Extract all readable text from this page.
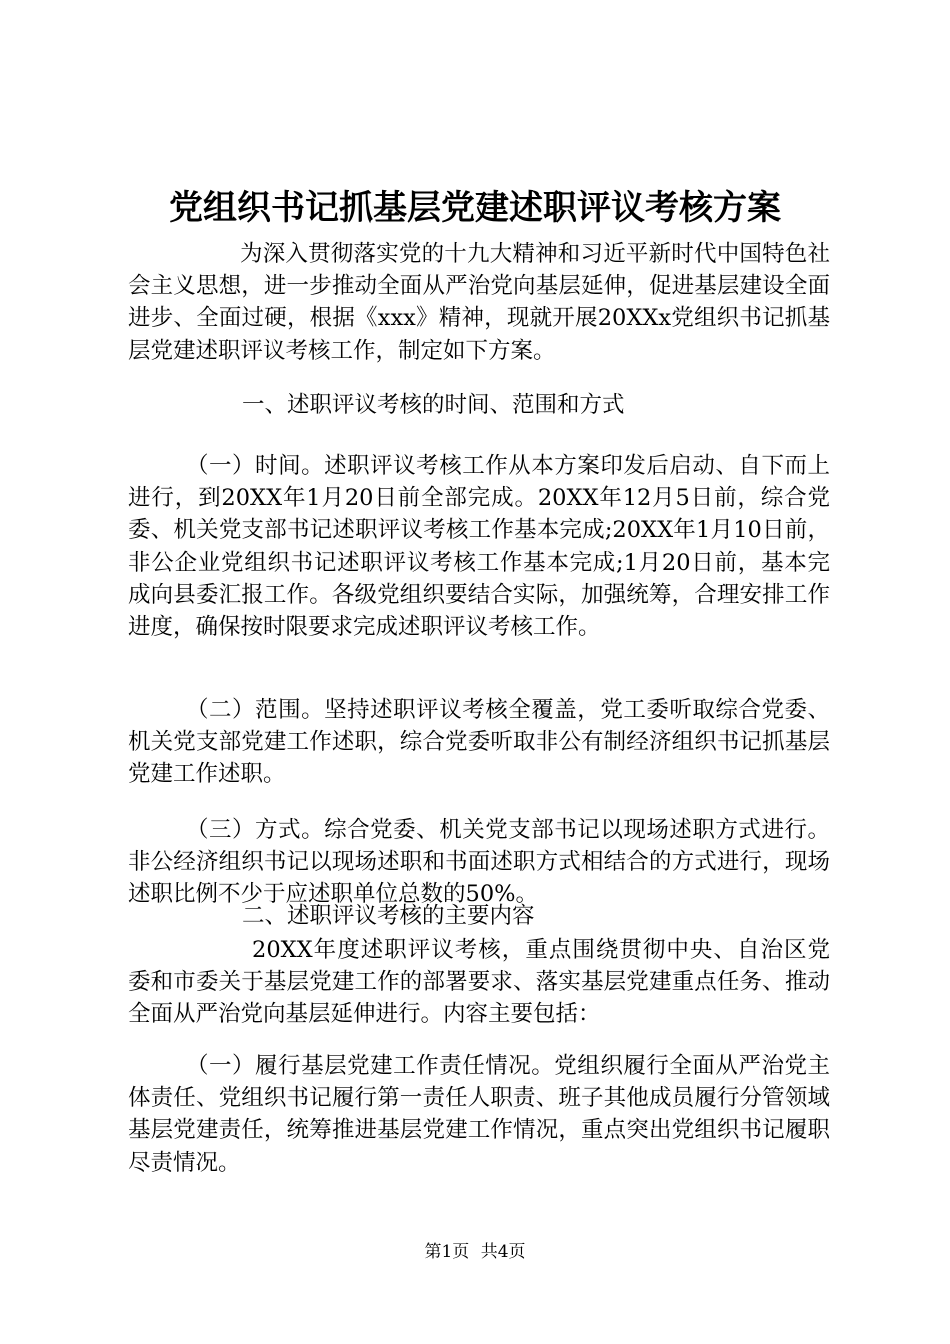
党组织书记抓基层党建述职评议考核方案
为深入贯彻落实党的十九大精神和习近平新时代中国特色社会主义思想，进一步推动全面从严治党向基层延伸，促进基层建设全面进步、全面过硬，根据《xxx》精神，现就开展20XXx党组织书记抓基层党建述职评议考核工作，制定如下方案。
一、述职评议考核的时间、范围和方式
（一）时间。述职评议考核工作从本方案印发后启动、自下而上进行，到20XX年1月20日前全部完成。20XX年12月5日前，综合党委、机关党支部书记述职评议考核工作基本完成;20XX年1月10日前，非公企业党组织书记述职评议考核工作基本完成;1月20日前，基本完成向县委汇报工作。各级党组织要结合实际，加强统筹，合理安排工作进度，确保按时限要求完成述职评议考核工作。
（二）范围。坚持述职评议考核全覆盖，党工委听取综合党委、机关党支部党建工作述职，综合党委听取非公有制经济组织书记抓基层党建工作述职。
（三）方式。综合党委、机关党支部书记以现场述职方式进行。非公经济组织书记以现场述职和书面述职方式相结合的方式进行，现场述职比例不少于应述职单位总数的50%。
二、述职评议考核的主要内容
20XX年度述职评议考核，重点围绕贯彻中央、自治区党委和市委关于基层党建工作的部署要求、落实基层党建重点任务、推动全面从严治党向基层延伸进行。内容主要包括：
（一）履行基层党建工作责任情况。党组织履行全面从严治党主体责任、党组织书记履行第一责任人职责、班子其他成员履行分管领域基层党建责任，统筹推进基层党建工作情况，重点突出党组织书记履职尽责情况。
第1页 共4页
